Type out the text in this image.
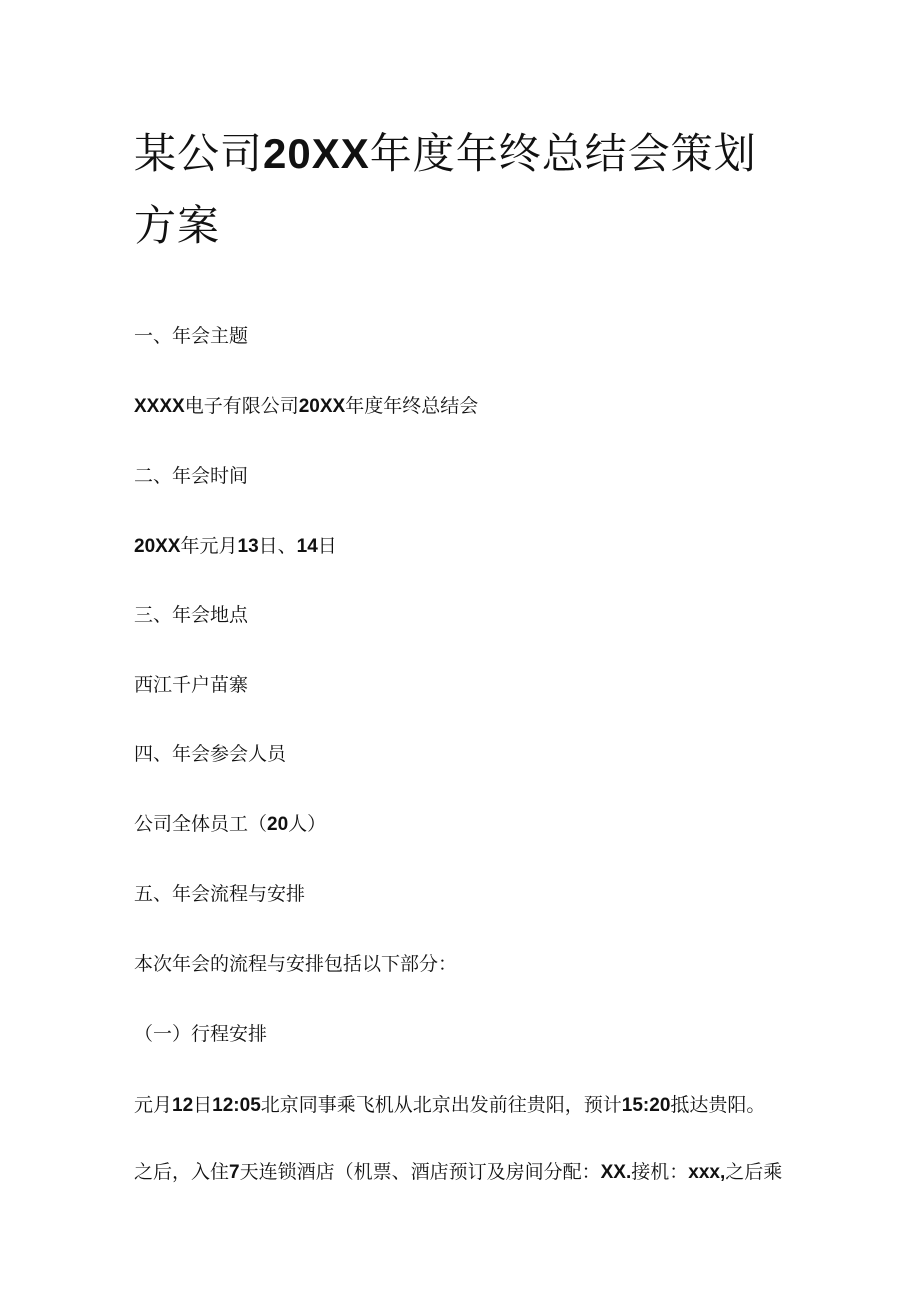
某公司20XX年度年终总结会策划方案

一、年会主题

XXXX电子有限公司20XX年度年终总结会

二、年会时间

20XX年元月13日、14日

三、年会地点

西江千户苗寨

四、年会参会人员

公司全体员工（20人）

五、年会流程与安排

本次年会的流程与安排包括以下部分：

（一）行程安排

元月12日12:05北京同事乘飞机从北京出发前往贵阳，预计15:20抵达贵阳。

之后，入住7天连锁酒店（机票、酒店预订及房间分配：XX.接机：xxx,之后乘
